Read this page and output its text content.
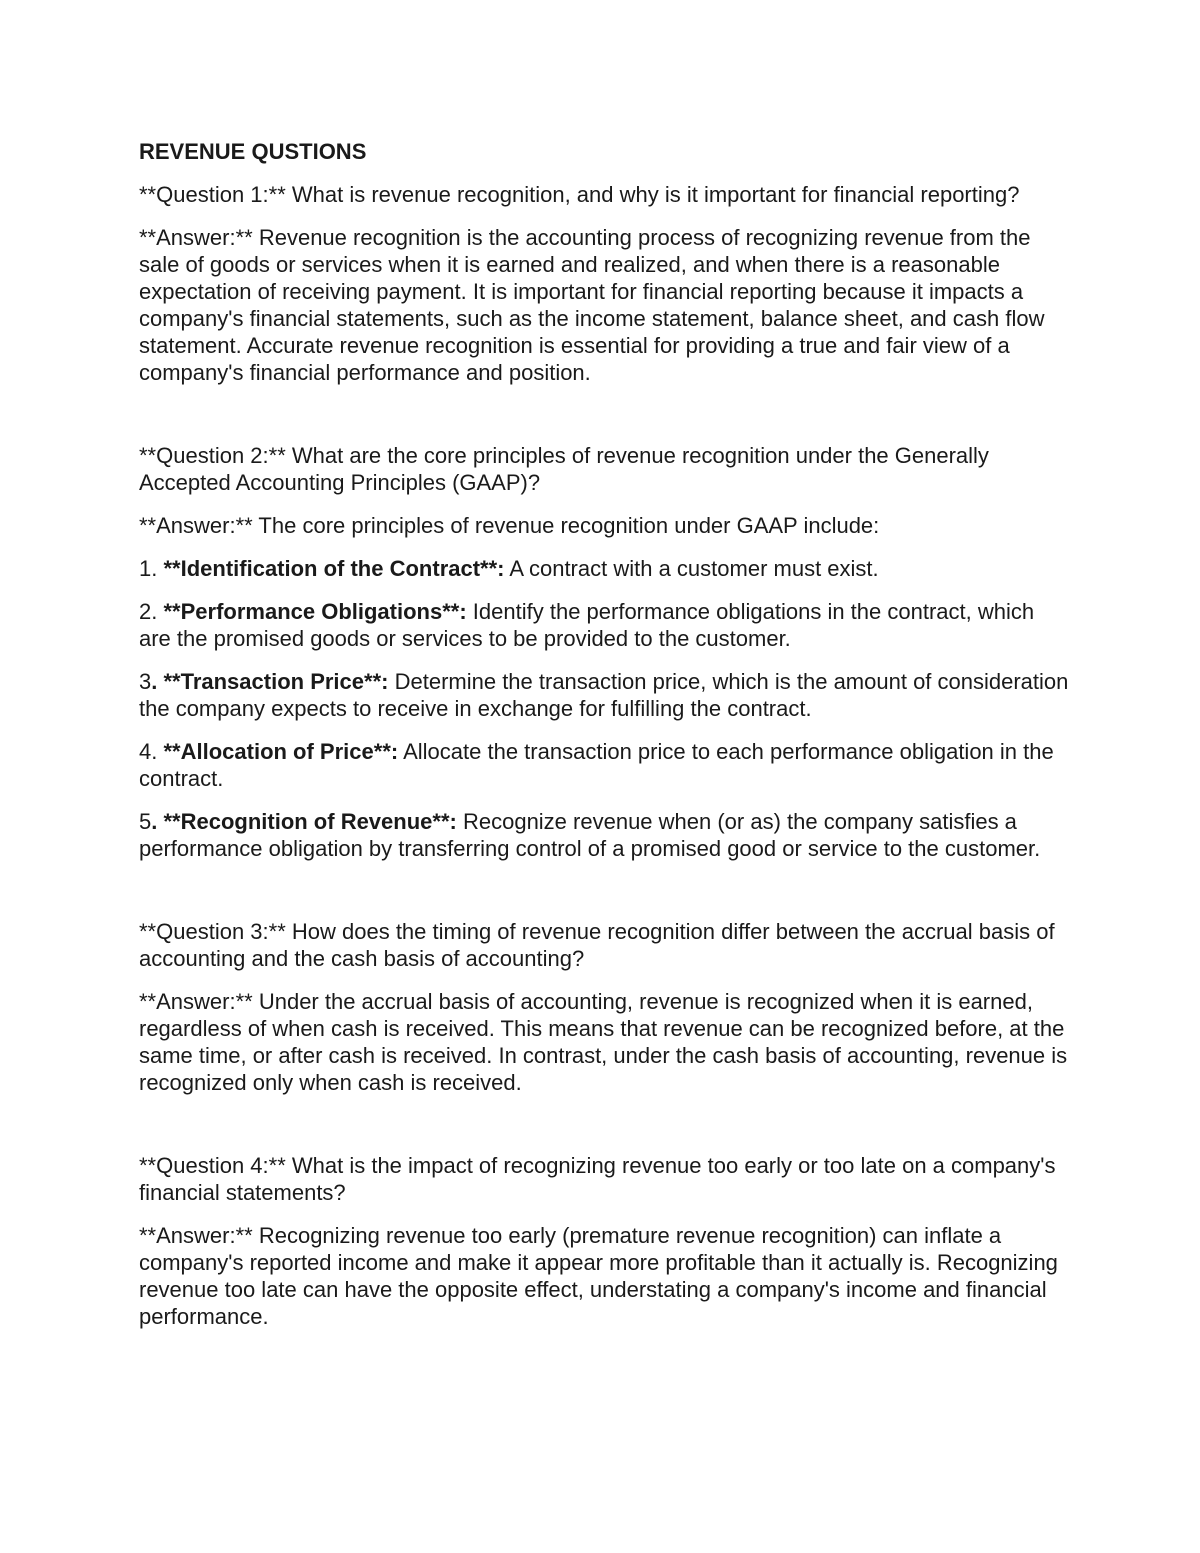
REVENUE QUSTIONS
**Question 1:** What is revenue recognition, and why is it important for financial reporting?
**Answer:** Revenue recognition is the accounting process of recognizing revenue from the sale of goods or services when it is earned and realized, and when there is a reasonable expectation of receiving payment. It is important for financial reporting because it impacts a company's financial statements, such as the income statement, balance sheet, and cash flow statement. Accurate revenue recognition is essential for providing a true and fair view of a company's financial performance and position.
**Question 2:** What are the core principles of revenue recognition under the Generally Accepted Accounting Principles (GAAP)?
**Answer:** The core principles of revenue recognition under GAAP include:
1. **Identification of the Contract**: A contract with a customer must exist.
2. **Performance Obligations**: Identify the performance obligations in the contract, which are the promised goods or services to be provided to the customer.
3. **Transaction Price**: Determine the transaction price, which is the amount of consideration the company expects to receive in exchange for fulfilling the contract.
4. **Allocation of Price**: Allocate the transaction price to each performance obligation in the contract.
5. **Recognition of Revenue**: Recognize revenue when (or as) the company satisfies a performance obligation by transferring control of a promised good or service to the customer.
**Question 3:** How does the timing of revenue recognition differ between the accrual basis of accounting and the cash basis of accounting?
**Answer:** Under the accrual basis of accounting, revenue is recognized when it is earned, regardless of when cash is received. This means that revenue can be recognized before, at the same time, or after cash is received. In contrast, under the cash basis of accounting, revenue is recognized only when cash is received.
**Question 4:** What is the impact of recognizing revenue too early or too late on a company's financial statements?
**Answer:** Recognizing revenue too early (premature revenue recognition) can inflate a company's reported income and make it appear more profitable than it actually is. Recognizing revenue too late can have the opposite effect, understating a company's income and financial performance.
